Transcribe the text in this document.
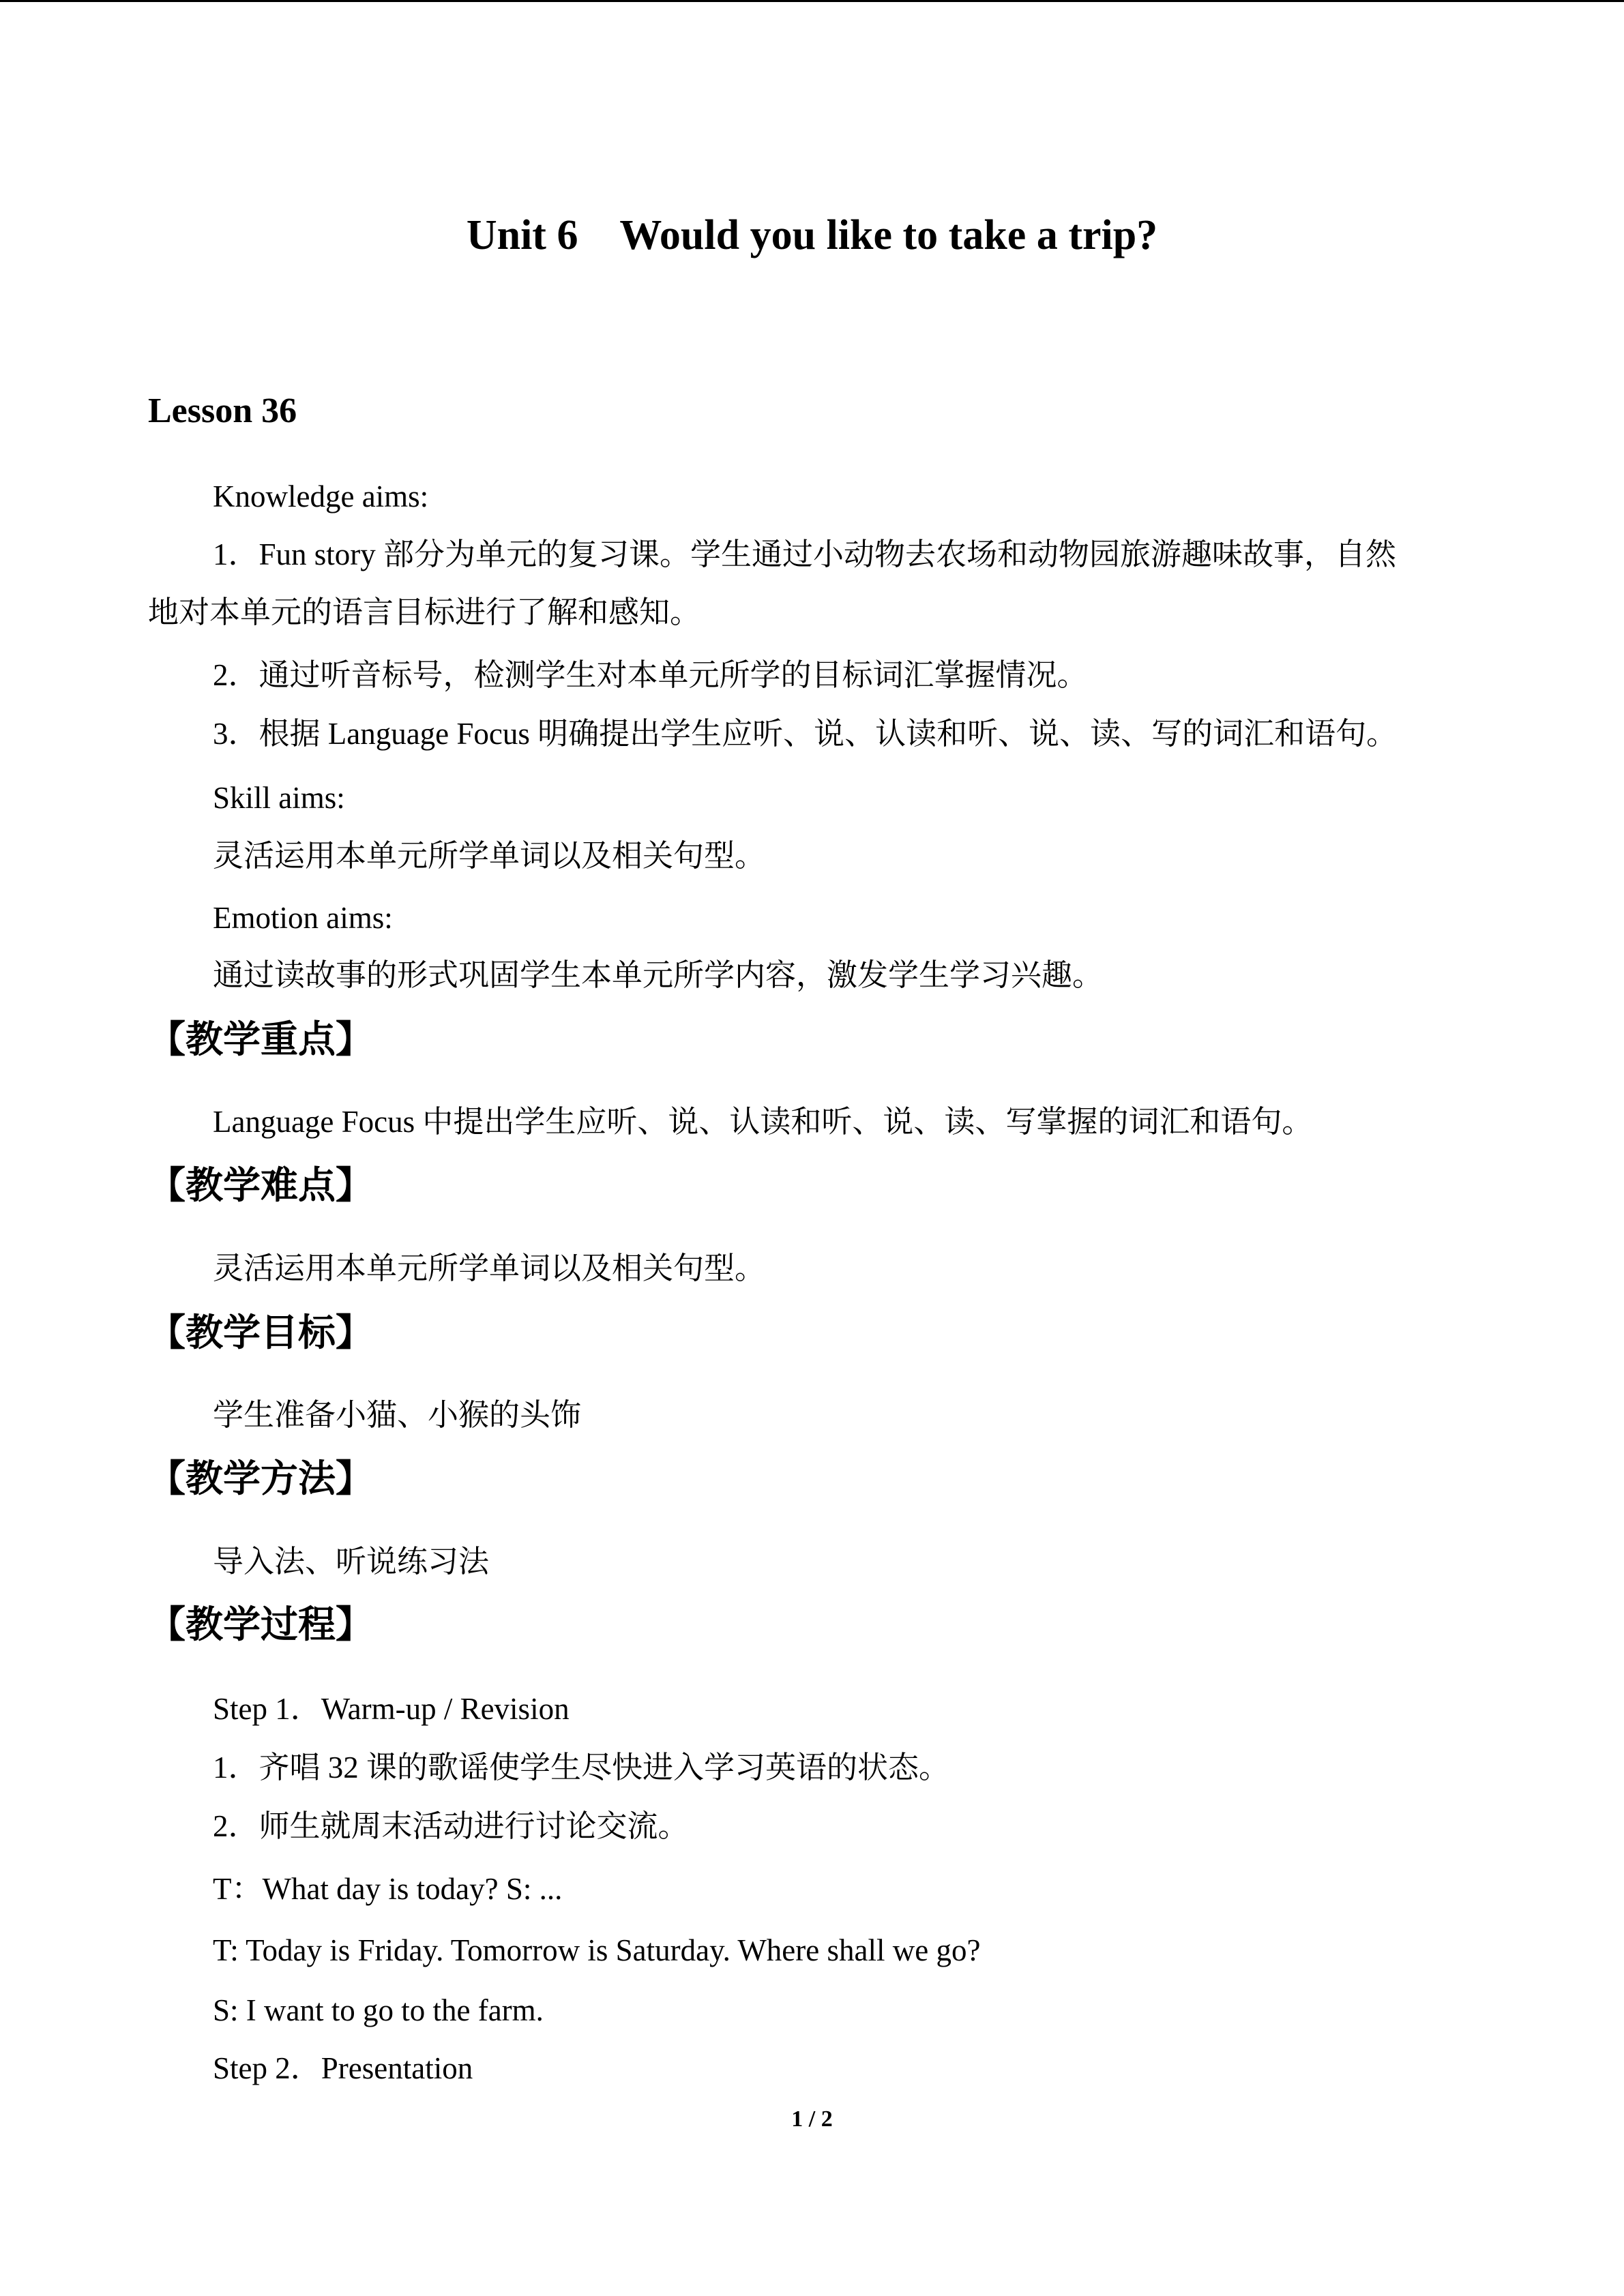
Unit 6    Would you like to take a trip?
Lesson 36
Knowledge aims:
1．Fun story 部分为单元的复习课。学生通过小动物去农场和动物园旅游趣味故事，自然
地对本单元的语言目标进行了解和感知。
2．通过听音标号，检测学生对本单元所学的目标词汇掌握情况。
3．根据 Language Focus 明确提出学生应听、说、认读和听、说、读、写的词汇和语句。
Skill aims:
灵活运用本单元所学单词以及相关句型。
Emotion aims:
通过读故事的形式巩固学生本单元所学内容，激发学生学习兴趣。
【教学重点】
Language Focus 中提出学生应听、说、认读和听、说、读、写掌握的词汇和语句。
【教学难点】
灵活运用本单元所学单词以及相关句型。
【教学目标】
学生准备小猫、小猴的头饰
【教学方法】
导入法、听说练习法
【教学过程】
Step 1．Warm-up / Revision
1．齐唱 32 课的歌谣使学生尽快进入学习英语的状态。
2．师生就周末活动进行讨论交流。
T：What day is today? S: ...
T: Today is Friday. Tomorrow is Saturday. Where shall we go?
S: I want to go to the farm.
Step 2．Presentation
1 / 2
